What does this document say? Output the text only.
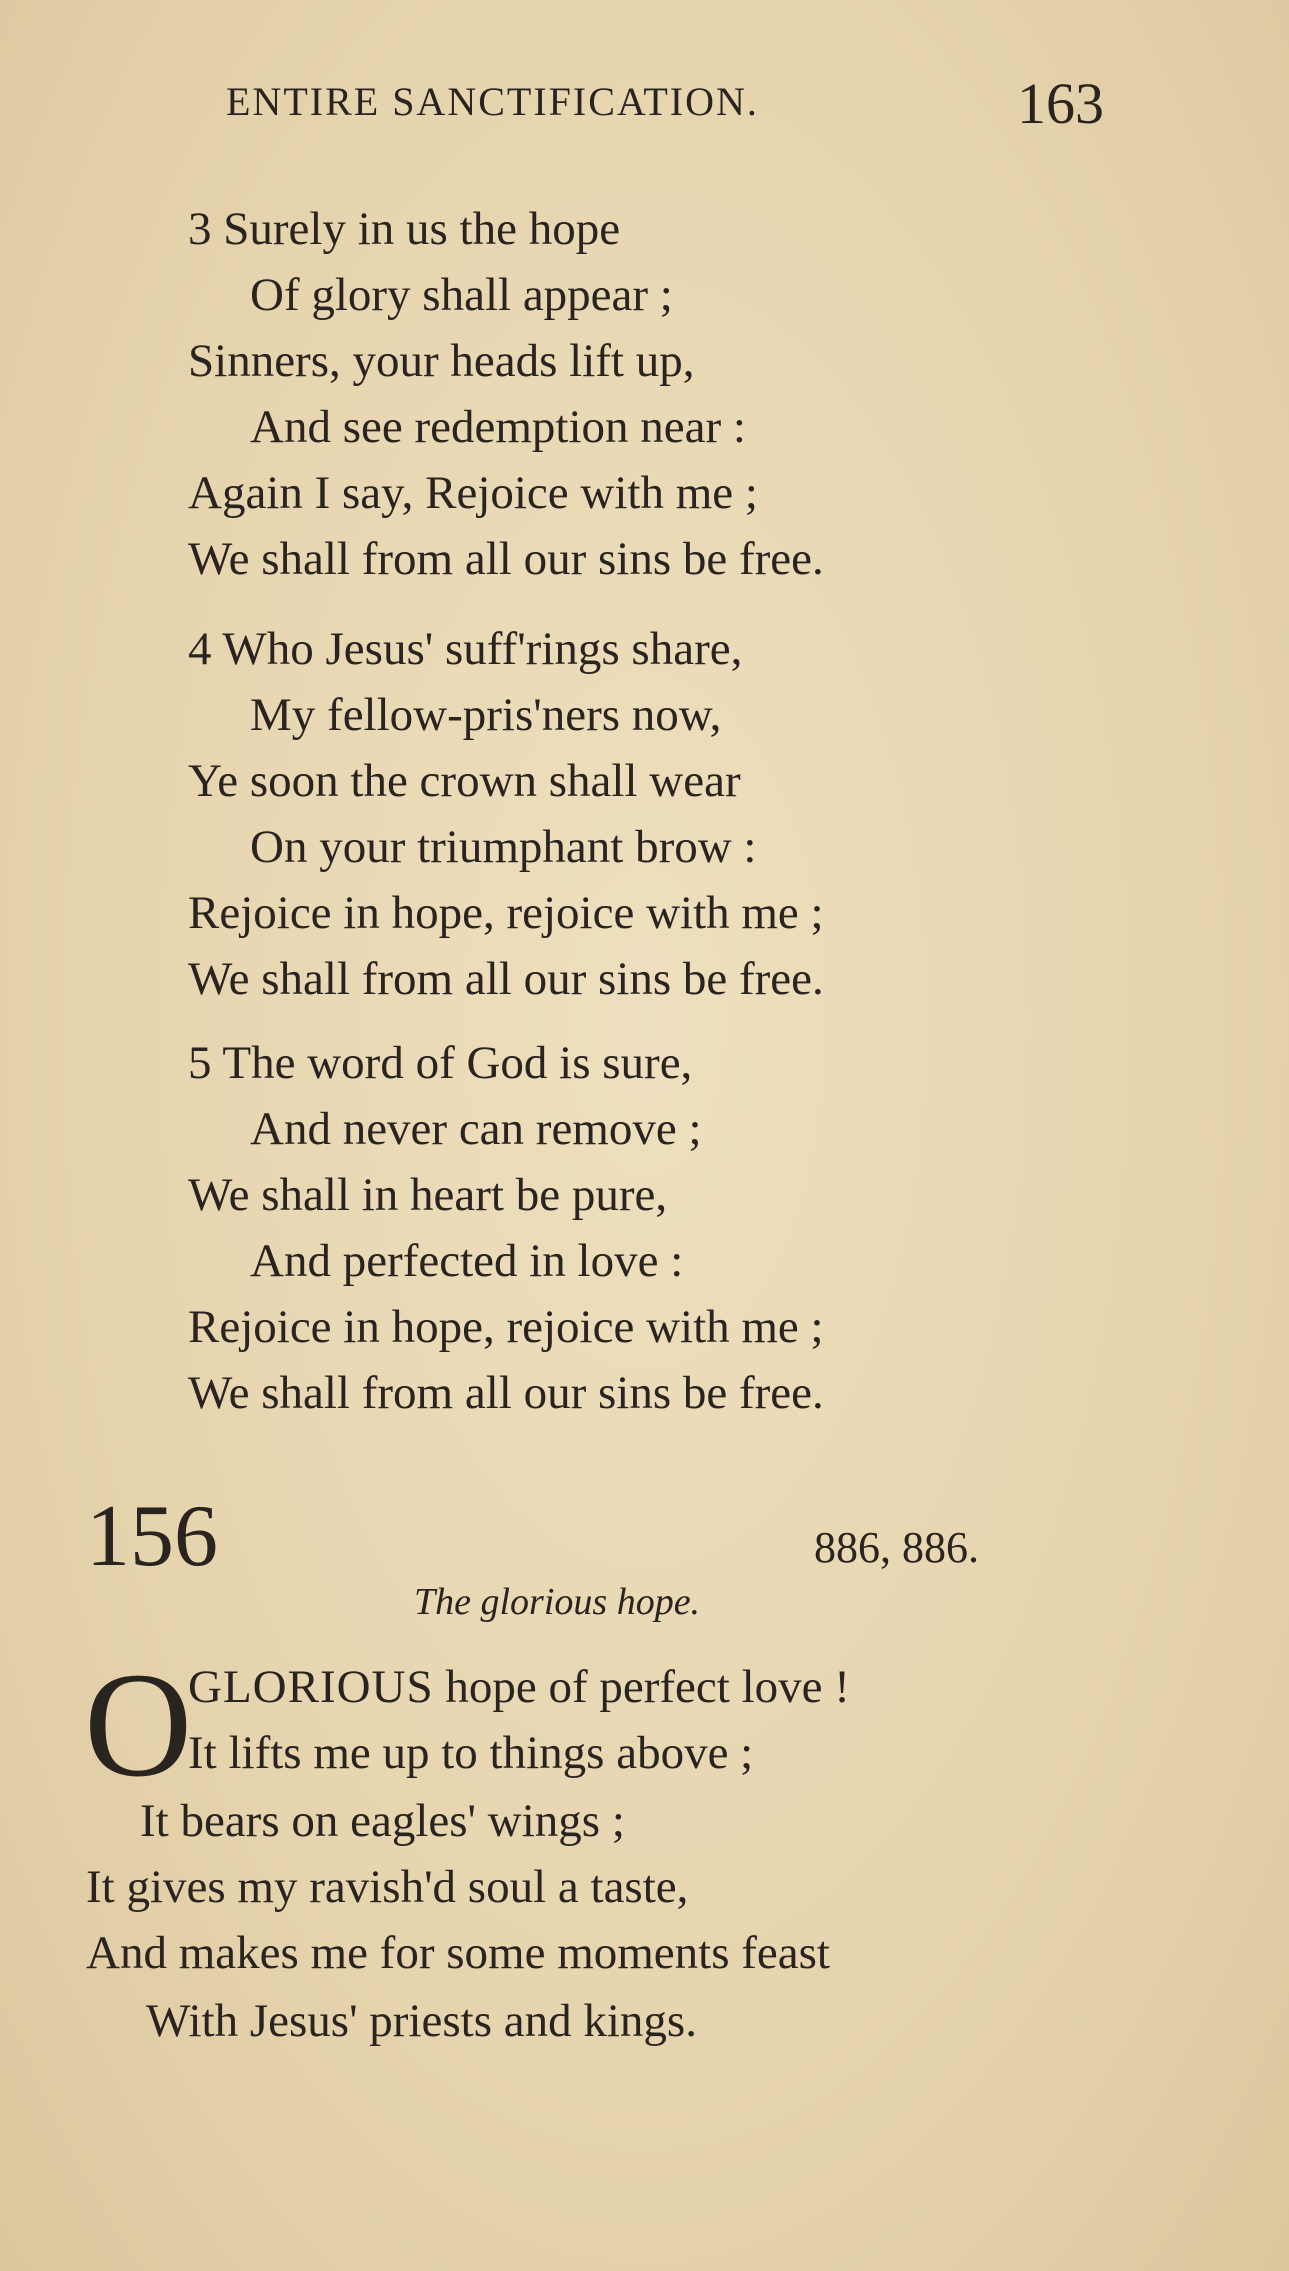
ENTIRE SANCTIFICATION.	163
3 Surely in us the hope
Of glory shall appear ;
Sinners, your heads lift up,
And see redemption near :
Again I say, Rejoice with me ;
We shall from all our sins be free.
4 Who Jesus' suff'rings share,
My fellow-pris'ners now,
Ye soon the crown shall wear
On your triumphant brow :
Rejoice in hope, rejoice with me ;
We shall from all our sins be free.
5 The word of God is sure,
And never can remove ;
We shall in heart be pure,
And perfected in love :
Rejoice in hope, rejoice with me ;
We shall from all our sins be free.
156	886, 886.
The glorious hope.
O
GLORIOUS hope of perfect love !
It lifts me up to things above ;
It bears on eagles' wings ;
It gives my ravish'd soul a taste,
And makes me for some moments feast
With Jesus' priests and kings.
